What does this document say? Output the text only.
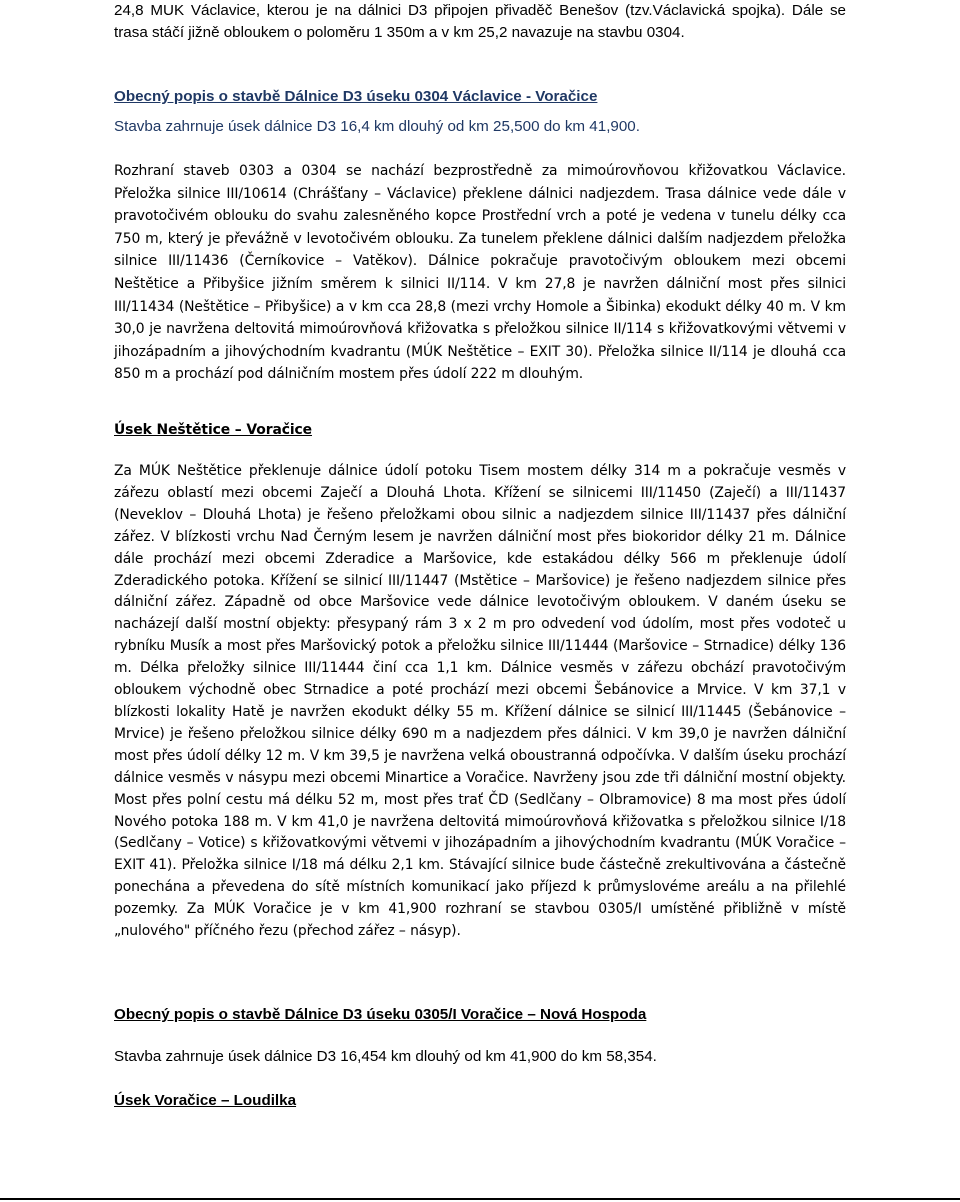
24,8 MUK Václavice, kterou je na dálnici D3 připojen přivaděč Benešov (tzv.Václavická spojka). Dále se trasa stáčí jižně obloukem o poloměru 1 350m a v km 25,2 navazuje na stavbu 0304.

Obecný popis o stavbě Dálnice D3 úseku 0304 Václavice - Voračice

Stavba zahrnuje úsek dálnice D3 16,4 km dlouhý od km 25,500 do km 41,900.

Rozhraní staveb 0303 a 0304 se nachází bezprostředně za mimoúrovňovou křižovatkou Václavice. Přeložka silnice III/10614 (Chrášťany – Václavice) překlene dálnici nadjezdem. Trasa dálnice vede dále v pravotočivém oblouku do svahu zalesněného kopce Prostřední vrch a poté je vedena v tunelu délky cca 750 m, který je převážně v levotočivém oblouku. Za tunelem překlene dálnici dalším nadjezdem přeložka silnice III/11436 (Černíkovice – Vatěkov). Dálnice pokračuje pravotočivým obloukem mezi obcemi Neštětice a Přibyšice jižním směrem k silnici II/114. V km 27,8 je navržen dálniční most přes silnici III/11434 (Neštětice – Přibyšice) a v km cca 28,8 (mezi vrchy Homole a Šibinka) ekodukt délky 40 m. V km 30,0 je navržena deltovitá mimoúrovňová křižovatka s přeložkou silnice II/114 s křižovatkovými větvemi v jihozápadním a jihovýchodním kvadrantu (MÚK Neštětice – EXIT 30). Přeložka silnice II/114 je dlouhá cca 850 m a prochází pod dálničním mostem přes údolí 222 m dlouhým.

Úsek Neštětice – Voračice

Za MÚK Neštětice překlenuje dálnice údolí potoku Tisem mostem délky 314 m a pokračuje vesměs v zářezu oblastí mezi obcemi Zaječí a Dlouhá Lhota. Křížení se silnicemi III/11450 (Zaječí) a III/11437 (Neveklov – Dlouhá Lhota) je řešeno přeložkami obou silnic a nadjezdem silnice III/11437 přes dálniční zářez. V blízkosti vrchu Nad Černým lesem je navržen dálniční most přes biokoridor délky 21 m. Dálnice dále prochází mezi obcemi Zderadice a Maršovice, kde estakádou délky 566 m překlenuje údolí Zderadického potoka. Křížení se silnicí III/11447 (Mstětice – Maršovice) je řešeno nadjezdem silnice přes dálniční zářez. Západně od obce Maršovice vede dálnice levotočivým obloukem. V daném úseku se nacházejí další mostní objekty: přesypaný rám 3 x 2 m pro odvedení vod údolím, most přes vodoteč u rybníku Musík a most přes Maršovický potok a přeložku silnice III/11444 (Maršovice – Strnadice) délky 136 m. Délka přeložky silnice III/11444 činí cca 1,1 km. Dálnice vesměs v zářezu obchází pravotočivým obloukem východně obec Strnadice a poté prochází mezi obcemi Šebánovice a Mrvice. V km 37,1 v blízkosti lokality Hatě je navržen ekodukt délky 55 m. Křížení dálnice se silnicí III/11445 (Šebánovice – Mrvice) je řešeno přeložkou silnice délky 690 m a nadjezdem přes dálnici. V km 39,0 je navržen dálniční most přes údolí délky 12 m. V km 39,5 je navržena velká oboustranná odpočívka. V dalším úseku prochází dálnice vesměs v násypu mezi obcemi Minartice a Voračice. Navrženy jsou zde tři dálniční mostní objekty. Most přes polní cestu má délku 52 m, most přes trať ČD (Sedlčany – Olbramovice) 8 ma most přes údolí Nového potoka 188 m. V km 41,0 je navržena deltovitá mimoúrovňová křižovatka s přeložkou silnice I/18 (Sedlčany – Votice) s křižovatkovými větvemi v jihozápadním a jihovýchodním kvadrantu (MÚK Voračice – EXIT 41). Přeložka silnice I/18 má délku 2,1 km. Stávající silnice bude částečně zrekultivována a částečně ponechána a převedena do sítě místních komunikací jako příjezd k průmyslovéme areálu a na přilehlé pozemky. Za MÚK Voračice je v km 41,900 rozhraní se stavbou 0305/I umístěné přibližně v místě „nulového" příčného řezu (přechod zářez – násyp).

Obecný popis o stavbě Dálnice D3 úseku 0305/I Voračice – Nová Hospoda

Stavba zahrnuje úsek dálnice D3 16,454 km dlouhý od km 41,900 do km 58,354.

Úsek Voračice – Loudilka
